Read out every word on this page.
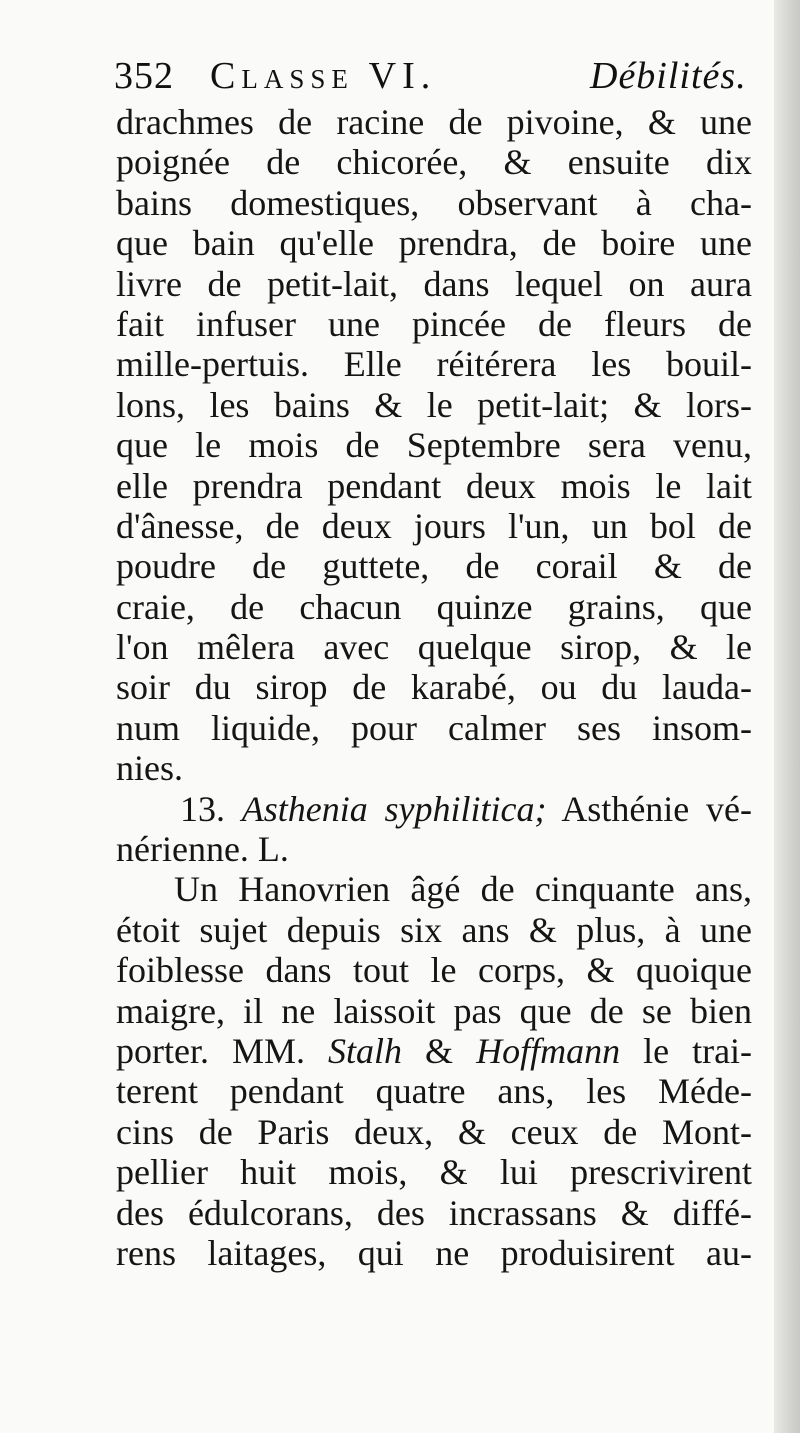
352 Classe VI.	Débilités.
drachmes de racine de pivoine, & une
poignée de chicorée, & ensuite dix
bains domestiques, observant à cha-
que bain qu'elle prendra, de boire une
livre de petit-lait, dans lequel on aura
fait infuser une pincée de fleurs de
mille-pertuis. Elle réitérera les bouil-
lons, les bains & le petit-lait; & lors-
que le mois de Septembre sera venu,
elle prendra pendant deux mois le lait
d'ânesse, de deux jours l'un, un bol de
poudre de guttete, de corail & de
craie, de chacun quinze grains, que
l'on mêlera avec quelque sirop, & le
soir du sirop de karabé, ou du lauda-
num liquide, pour calmer ses insom-
nies.
13. Asthenia syphilitica; Asthénie vé-
nérienne. L.
Un Hanovrien âgé de cinquante ans,
étoit sujet depuis six ans & plus, à une
foiblesse dans tout le corps, & quoique
maigre, il ne laissoit pas que de se bien
porter. MM. Stalh & Hoffmann le trai-
terent pendant quatre ans, les Méde-
cins de Paris deux, & ceux de Mont-
pellier huit mois, & lui prescrivirent
des édulcorans, des incrassans & diffé-
rens laitages, qui ne produisirent au-
